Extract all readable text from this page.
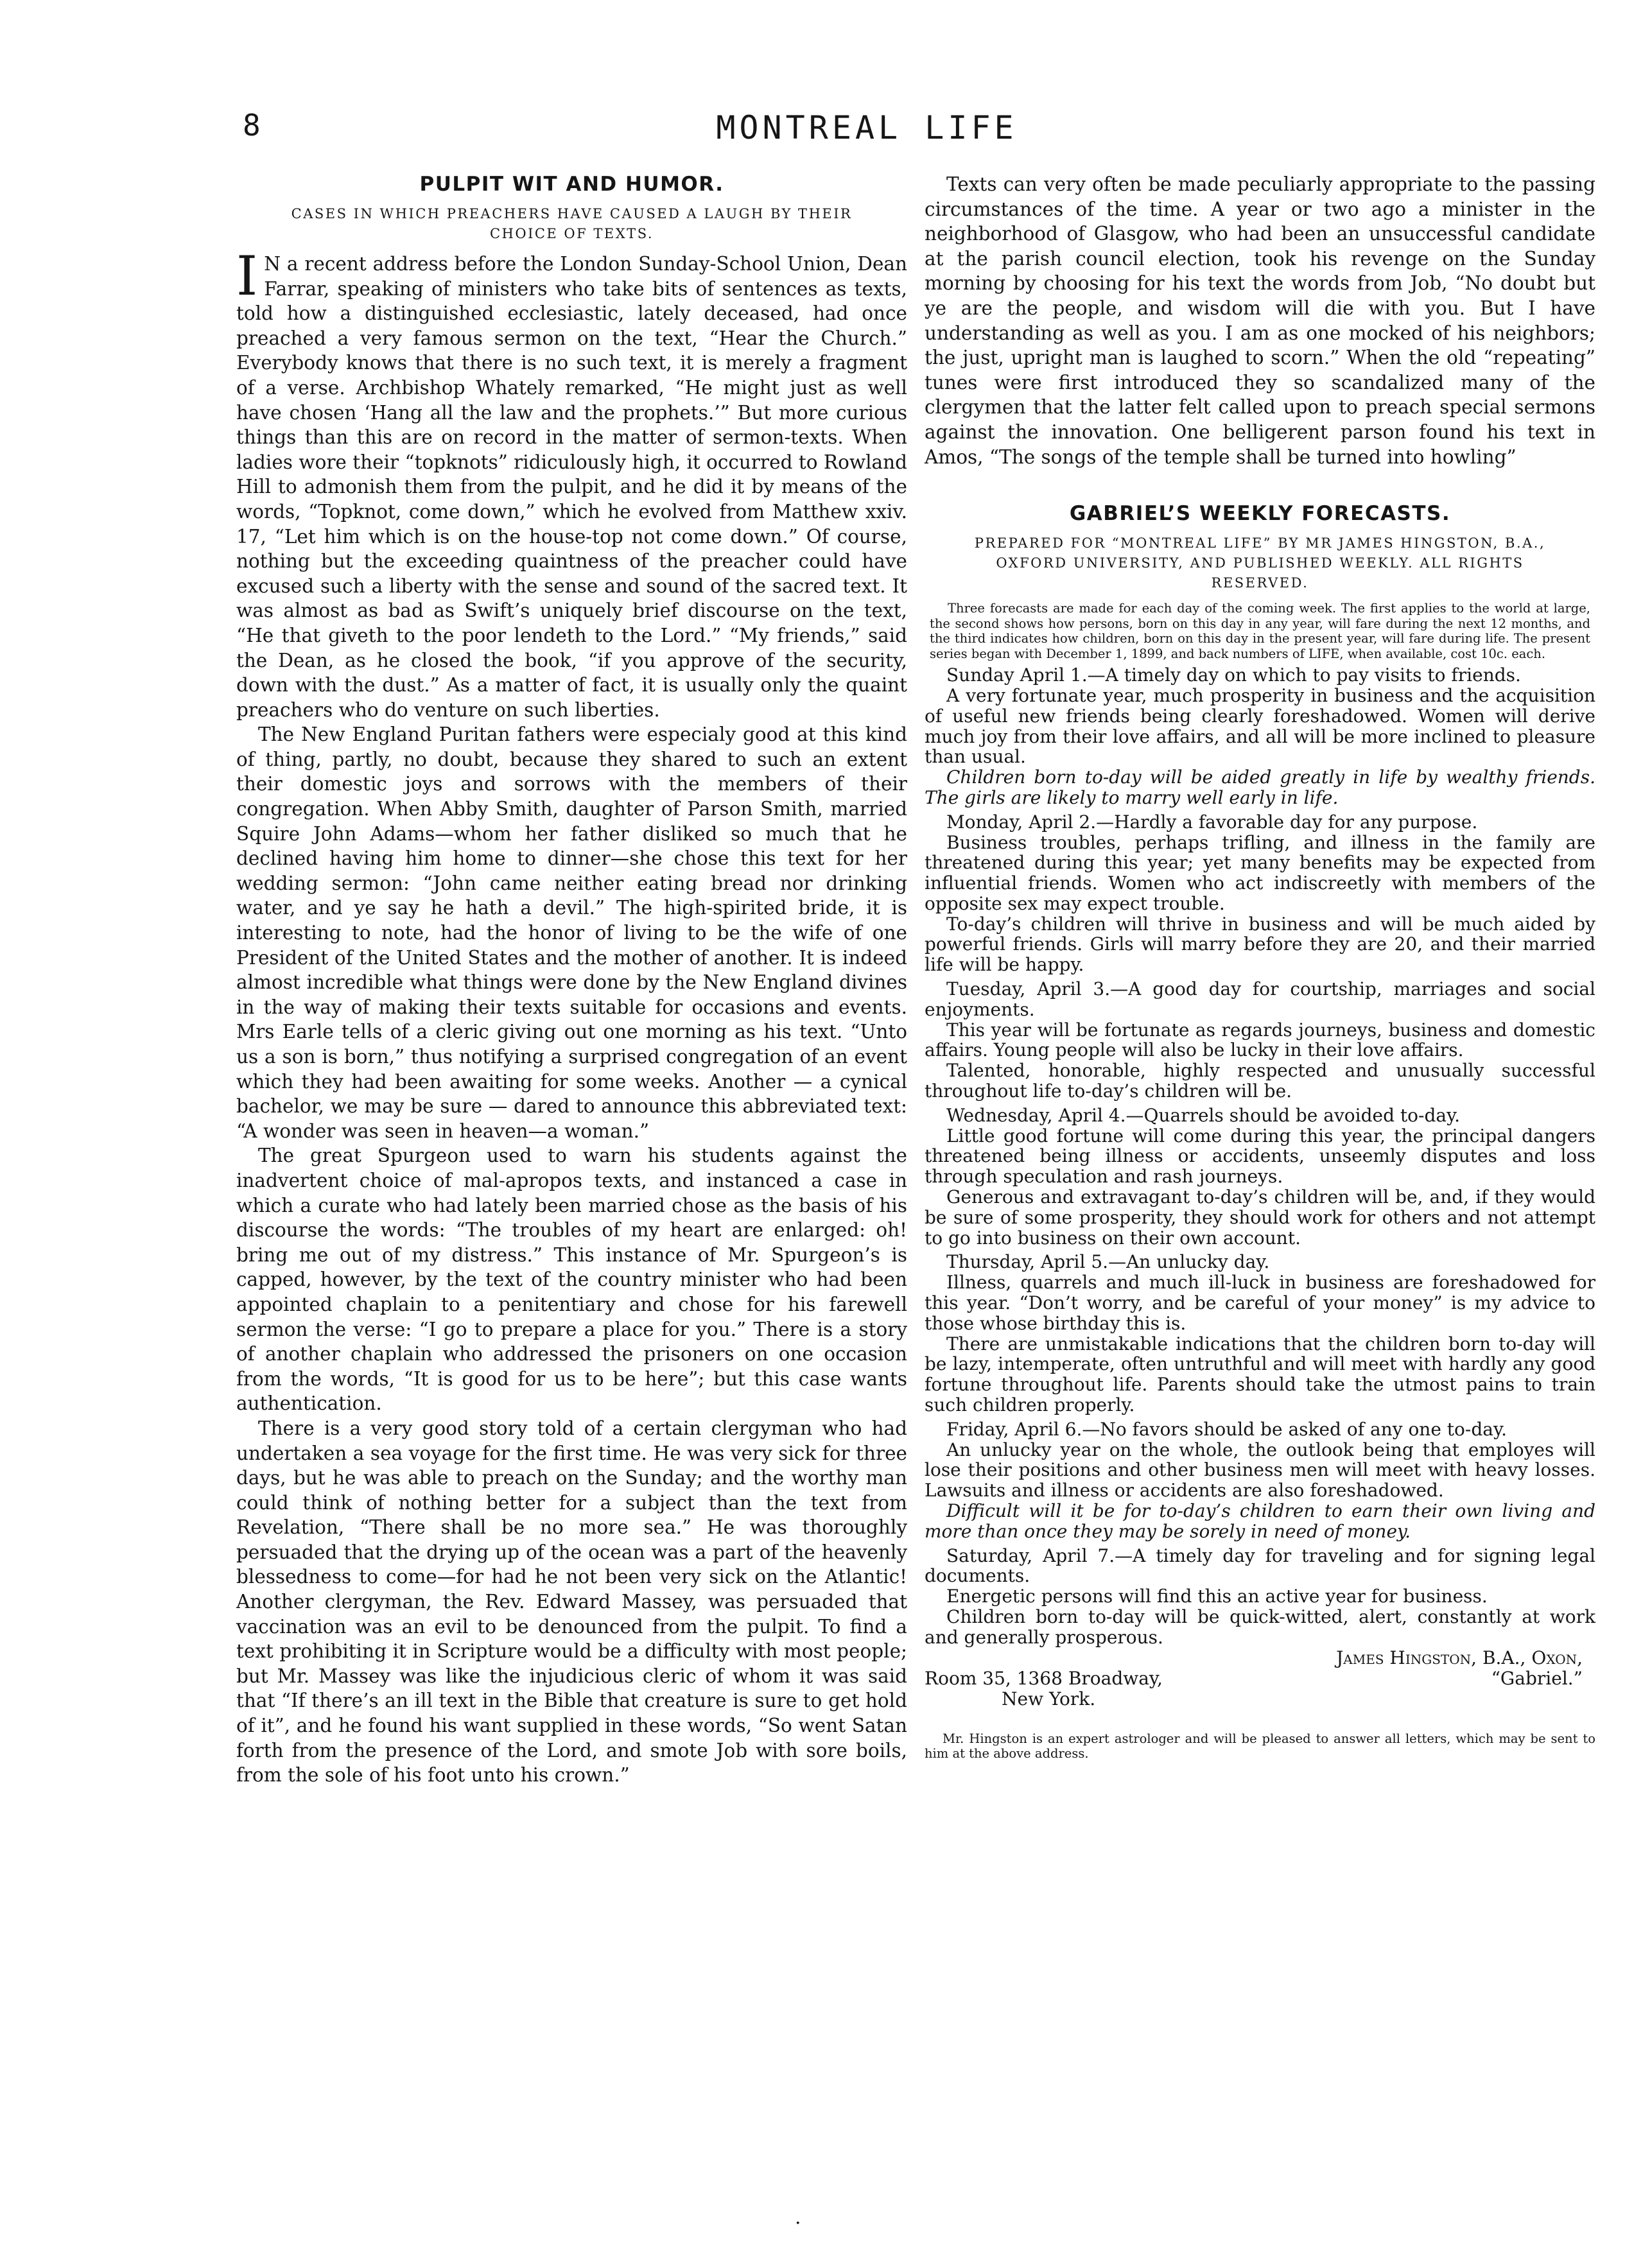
8	MONTREAL LIFE
PULPIT WIT AND HUMOR.
CASES IN WHICH PREACHERS HAVE CAUSED A LAUGH BY THEIR CHOICE OF TEXTS.

I N a recent address before the London Sunday-School Union, Dean Farrar, speaking of ministers who take bits of sentences as texts, told how a distinguished ecclesiastic, lately deceased, had once preached a very famous sermon on the text, “Hear the Church.” Everybody knows that there is no such text, it is merely a fragment of a verse. Archbishop Whately remarked, “He might just as well have chosen ‘Hang all the law and the prophets.’” But more curious things than this are on record in the matter of sermon-texts. When ladies wore their “topknots” ridiculously high, it occurred to Rowland Hill to admonish them from the pulpit, and he did it by means of the words, “Topknot, come down,” which he evolved from Matthew xxiv. 17, “Let him which is on the house-top not come down.” Of course, nothing but the exceeding quaintness of the preacher could have excused such a liberty with the sense and sound of the sacred text. It was almost as bad as Swift’s uniquely brief discourse on the text, “He that giveth to the poor lendeth to the Lord.” “My friends,” said the Dean, as he closed the book, “if you approve of the security, down with the dust.” As a matter of fact, it is usually only the quaint preachers who do venture on such liberties.

The New England Puritan fathers were especialy good at this kind of thing, partly, no doubt, because they shared to such an extent their domestic joys and sorrows with the members of their congregation. When Abby Smith, daughter of Parson Smith, married Squire John Adams—whom her father disliked so much that he declined having him home to dinner—she chose this text for her wedding sermon: “John came neither eating bread nor drinking water, and ye say he hath a devil.” The high-spirited bride, it is interesting to note, had the honor of living to be the wife of one President of the United States and the mother of another. It is indeed almost incredible what things were done by the New England divines in the way of making their texts suitable for occasions and events. Mrs Earle tells of a cleric giving out one morning as his text. “Unto us a son is born,” thus notifying a surprised congregation of an event which they had been awaiting for some weeks. Another — a cynical bachelor, we may be sure — dared to announce this abbreviated text: “A wonder was seen in heaven—a woman.”

The great Spurgeon used to warn his students against the inadvertent choice of mal-apropos texts, and instanced a case in which a curate who had lately been married chose as the basis of his discourse the words: “The troubles of my heart are enlarged: oh! bring me out of my distress.” This instance of Mr. Spurgeon’s is capped, however, by the text of the country minister who had been appointed chaplain to a penitentiary and chose for his farewell sermon the verse: “I go to prepare a place for you.” There is a story of another chaplain who addressed the prisoners on one occasion from the words, “It is good for us to be here”; but this case wants authentication.

There is a very good story told of a certain clergyman who had undertaken a sea voyage for the first time. He was very sick for three days, but he was able to preach on the Sunday; and the worthy man could think of nothing better for a subject than the text from Revelation, “There shall be no more sea.” He was thoroughly persuaded that the drying up of the ocean was a part of the heavenly blessedness to come—for had he not been very sick on the Atlantic! Another clergyman, the Rev. Edward Massey, was persuaded that vaccination was an evil to be denounced from the pulpit. To find a text prohibiting it in Scripture would be a difficulty with most people; but Mr. Massey was like the injudicious cleric of whom it was said that “If there’s an ill text in the Bible that creature is sure to get hold of it”, and he found his want supplied in these words, “So went Satan forth from the presence of the Lord, and smote Job with sore boils, from the sole of his foot unto his crown.”

Texts can very often be made peculiarly appropriate to the passing circumstances of the time. A year or two ago a minister in the neighborhood of Glasgow, who had been an unsuccessful candidate at the parish council election, took his revenge on the Sunday morning by choosing for his text the words from Job, “No doubt but ye are the people, and wisdom will die with you. But I have understanding as well as you. I am as one mocked of his neighbors; the just, upright man is laughed to scorn.” When the old “repeating” tunes were first introduced they so scandalized many of the clergymen that the latter felt called upon to preach special sermons against the innovation. One belligerent parson found his text in Amos, “The songs of the temple shall be turned into howling”

GABRIEL’S WEEKLY FORECASTS.
PREPARED FOR “MONTREAL LIFE” BY MR JAMES HINGSTON, B.A., OXFORD UNIVERSITY, AND PUBLISHED WEEKLY. ALL RIGHTS RESERVED.
Three forecasts are made for each day of the coming week. The first applies to the world at large, the second shows how persons, born on this day in any year, will fare during the next 12 months, and the third indicates how children, born on this day in the present year, will fare during life. The present series began with December 1, 1899, and back numbers of LIFE, when available, cost 10c. each.

Sunday April 1.—A timely day on which to pay visits to friends.

A very fortunate year, much prosperity in business and the acquisition of useful new friends being clearly foreshadowed. Women will derive much joy from their love affairs, and all will be more inclined to pleasure than usual.

Children born to-day will be aided greatly in life by wealthy friends. The girls are likely to marry well early in life.

Monday, April 2.—Hardly a favorable day for any purpose.

Business troubles, perhaps trifling, and illness in the family are threatened during this year; yet many benefits may be expected from influential friends. Women who act indiscreetly with members of the opposite sex may expect trouble.

To-day’s children will thrive in business and will be much aided by powerful friends. Girls will marry before they are 20, and their married life will be happy.

Tuesday, April 3.—A good day for courtship, marriages and social enjoyments.

This year will be fortunate as regards journeys, business and domestic affairs. Young people will also be lucky in their love affairs.

Talented, honorable, highly respected and unusually successful throughout life to-day’s children will be.

Wednesday, April 4.—Quarrels should be avoided to-day.

Little good fortune will come during this year, the principal dangers threatened being illness or accidents, unseemly disputes and loss through speculation and rash journeys.

Generous and extravagant to-day’s children will be, and, if they would be sure of some prosperity, they should work for others and not attempt to go into business on their own account.

Thursday, April 5.—An unlucky day.

Illness, quarrels and much ill-luck in business are foreshadowed for this year. “Don’t worry, and be careful of your money” is my advice to those whose birthday this is.

There are unmistakable indications that the children born to-day will be lazy, intemperate, often untruthful and will meet with hardly any good fortune throughout life. Parents should take the utmost pains to train such children properly.

Friday, April 6.—No favors should be asked of any one to-day.

An unlucky year on the whole, the outlook being that employes will lose their positions and other business men will meet with heavy losses. Lawsuits and illness or accidents are also foreshadowed.

Difficult will it be for to-day’s children to earn their own living and more than once they may be sorely in need of money.

Saturday, April 7.—A timely day for traveling and for signing legal documents.

Energetic persons will find this an active year for business.

Children born to-day will be quick-witted, alert, constantly at work and generally prosperous.

James Hingston, B.A., Oxon,
Room 35, 1368 Broadway,	“Gabriel.”
New York.
Mr. Hingston is an expert astrologer and will be pleased to answer all letters, which may be sent to him at the above address.
.
